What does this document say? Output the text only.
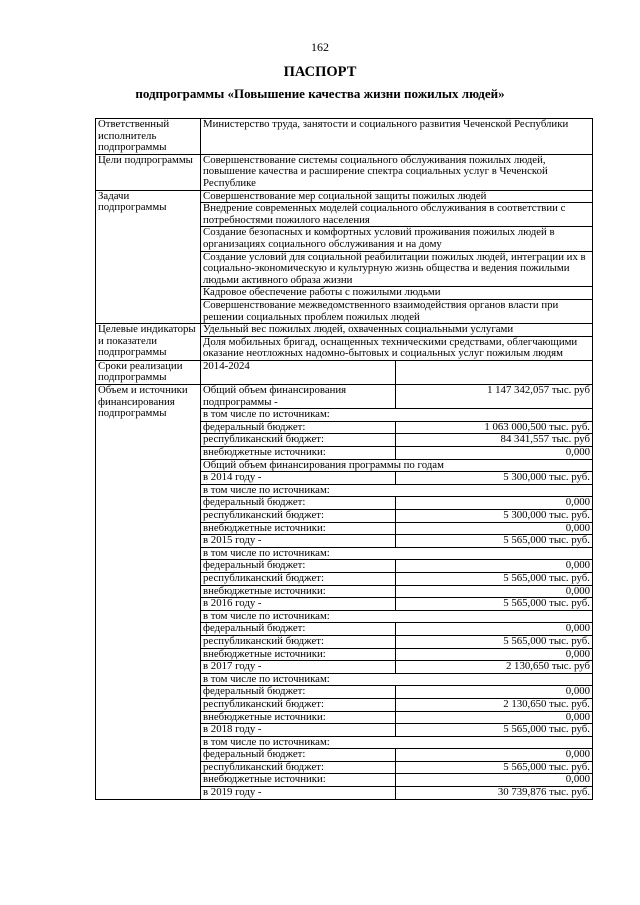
162
ПАСПОРТ
подпрограммы «Повышение качества жизни пожилых людей»
Ответственный исполнитель подпрограммы	Министерство труда, занятости и социального развития Чеченской Республики	
Цели подпрограммы	Совершенствование системы социального обслуживания пожилых людей, повышение качества и расширение спектра социальных услуг в Чеченской Республике	
Задачи подпрограммы	Совершенствование мер социальной защиты пожилых людей	
	Внедрение современных моделей социального обслуживания в соответствии с потребностями пожилого населения	
	Создание безопасных и комфортных условий проживания пожилых людей в организациях социального обслуживания и на дому	
	Создание условий для социальной реабилитации пожилых людей, интеграции их в социально-экономическую и культурную жизнь общества и ведения пожилыми людьми активного образа жизни	
	Кадровое обеспечение работы с пожилыми людьми	
	Совершенствование межведомственного взаимодействия органов власти при решении социальных проблем пожилых людей	
Целевые индикаторы и показатели подпрограммы	Удельный вес пожилых людей, охваченных социальными услугами	
	Доля мобильных бригад, оснащенных техническими средствами, облегчающими оказание неотложных надомно-бытовых и социальных услуг пожилым людям	
Сроки реализации подпрограммы	2014-2024	
Объем и источники финансирования подпрограммы	Общий объем финансирования подпрограммы -	1 147 342,057 тыс. руб
	в том числе по источникам:	
	федеральный бюджет:	1 063 000,500 тыс. руб.
	республиканский бюджет:	84 341,557 тыс. руб
	внебюджетные источники:	0,000
	Общий объем финансирования программы по годам	
	в 2014 году -	5 300,000 тыс. руб.
	в том числе по источникам:	
	федеральный бюджет:	0,000
	республиканский бюджет:	5 300,000 тыс. руб.
	внебюджетные источники:	0,000
	в 2015 году -	5 565,000 тыс. руб.
	в том числе по источникам:	
	федеральный бюджет:	0,000
	республиканский бюджет:	5 565,000 тыс. руб.
	внебюджетные источники:	0,000
	в 2016 году -	5 565,000 тыс. руб.
	в том числе по источникам:	
	федеральный бюджет:	0,000
	республиканский бюджет:	5 565,000 тыс. руб.
	внебюджетные источники:	0,000
	в 2017 году -	2 130,650 тыс. руб
	в том числе по источникам:	
	федеральный бюджет:	0,000
	республиканский бюджет:	2 130,650 тыс. руб.
	внебюджетные источники:	0,000
	в 2018 году -	5 565,000 тыс. руб.
	в том числе по источникам:	
	федеральный бюджет:	0,000
	республиканский бюджет:	5 565,000 тыс. руб.
	внебюджетные источники:	0,000
	в 2019 году -	30 739,876 тыс. руб.
